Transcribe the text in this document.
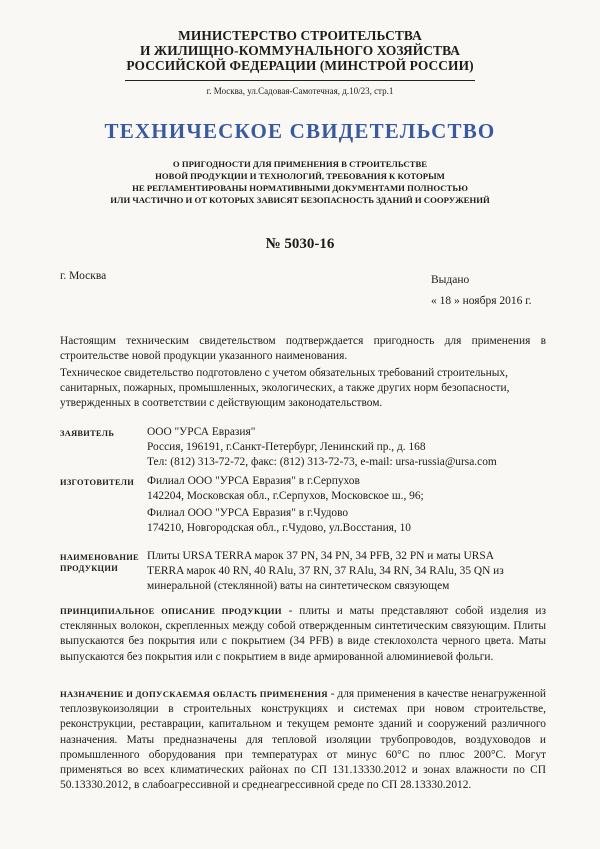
МИНИСТЕРСТВО СТРОИТЕЛЬСТВА
И ЖИЛИЩНО-КОММУНАЛЬНОГО ХОЗЯЙСТВА
РОССИЙСКОЙ ФЕДЕРАЦИИ (МИНСТРОЙ РОССИИ)
г. Москва, ул.Садовая-Самотечная, д.10/23, стр.1
ТЕХНИЧЕСКОЕ СВИДЕТЕЛЬСТВО
О ПРИГОДНОСТИ ДЛЯ ПРИМЕНЕНИЯ В СТРОИТЕЛЬСТВЕ
НОВОЙ ПРОДУКЦИИ И ТЕХНОЛОГИЙ, ТРЕБОВАНИЯ К КОТОРЫМ
НЕ РЕГЛАМЕНТИРОВАНЫ НОРМАТИВНЫМИ ДОКУМЕНТАМИ ПОЛНОСТЬЮ
ИЛИ ЧАСТИЧНО И ОТ КОТОРЫХ ЗАВИСЯТ БЕЗОПАСНОСТЬ ЗДАНИЙ И СООРУЖЕНИЙ
№ 5030-16
г. Москва	Выдано
« 18 » ноября 2016 г.
Настоящим техническим свидетельством подтверждается пригодность для применения в строительстве новой продукции указанного наименования.
Техническое свидетельство подготовлено с учетом обязательных требований строительных,
санитарных, пожарных, промышленных, экологических, а также других норм безопасности,
утвержденных в соответствии с действующим законодательством.
ЗАЯВИТЕЛЬ	ООО "УРСА Евразия"
Россия, 196191, г.Санкт-Петербург, Ленинский пр., д. 168
Тел: (812) 313-72-72, факс: (812) 313-72-73, e-mail: ursa-russia@ursa.com
ИЗГОТОВИТЕЛИ Филиал ООО "УРСА Евразия" в г.Серпухов
142204, Московская обл., г.Серпухов, Московское ш., 96;
Филиал ООО "УРСА Евразия" в г.Чудово
174210, Новгородская обл., г.Чудово, ул.Восстания, 10
НАИМЕНОВАНИЕ
ПРОДУКЦИИ
Плиты URSA TERRA марок 37 PN, 34 PN, 34 PFB, 32 PN и маты URSA
TERRA марок 40 RN, 40 RAlu, 37 RN, 37 RAlu, 34 RN, 34 RAlu, 35 QN из
минеральной (стеклянной) ваты на синтетическом связующем
ПРИНЦИПИАЛЬНОЕ ОПИСАНИЕ ПРОДУКЦИИ - плиты и маты представляют собой изделия из стеклянных волокон, скрепленных между собой отвержденным синтетическим связующим. Плиты выпускаются без покрытия или с покрытием (34 PFB) в виде стеклохолста черного цвета. Маты выпускаются без покрытия или с покрытием в виде армированной алюминиевой фольги.
НАЗНАЧЕНИЕ И ДОПУСКАЕМАЯ ОБЛАСТЬ ПРИМЕНЕНИЯ - для применения в качестве ненагруженной теплозвукоизоляции в строительных конструкциях и системах при новом строительстве, реконструкции, реставрации, капитальном и текущем ремонте зданий и сооружений различного назначения. Маты предназначены для тепловой изоляции трубопроводов, воздуховодов и промышленного оборудования при температурах от минус 60°С по плюс 200°С. Могут применяться во всех климатических районах по СП 131.13330.2012 и зонах влажности по СП 50.13330.2012, в слабоагрессивной и среднеагрессивной среде по СП 28.13330.2012.
